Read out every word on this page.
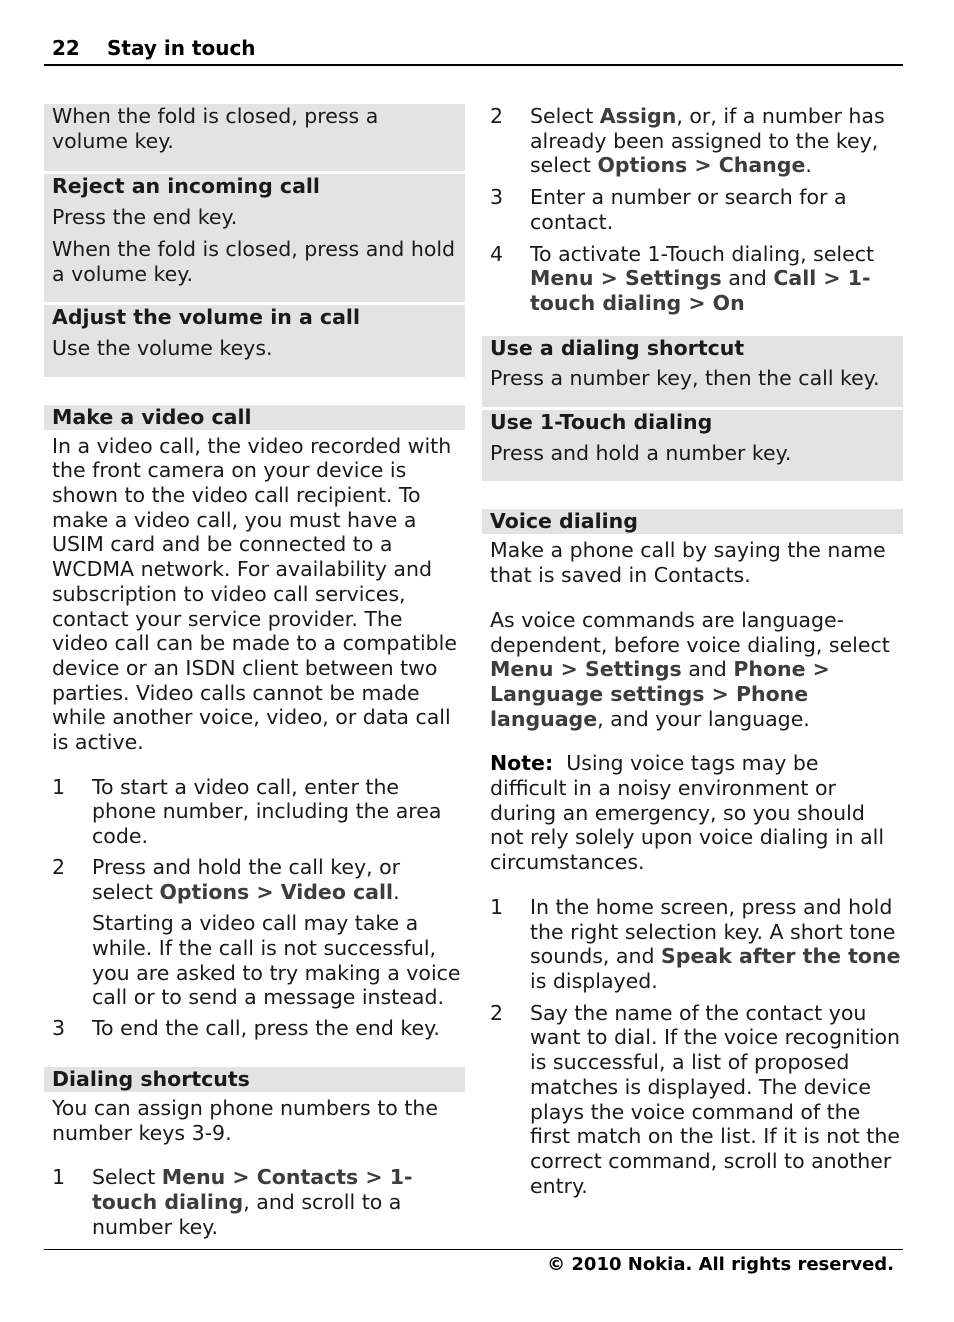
22 Stay in touch

When the fold is closed, press a volume key.

Reject an incoming call

Press the end key.

When the fold is closed, press and hold a volume key.

Adjust the volume in a call

Use the volume keys.

Make a video call

In a video call, the video recorded with the front camera on your device is shown to the video call recipient. To make a video call, you must have a USIM card and be connected to a WCDMA network. For availability and subscription to video call services, contact your service provider. The video call can be made to a compatible device or an ISDN client between two parties. Video calls cannot be made while another voice, video, or data call is active.

1 To start a video call, enter the phone number, including the area code.
2 Press and hold the call key, or select Options > Video call.

Starting a video call may take a while. If the call is not successful, you are asked to try making a voice call or to send a message instead.

3 To end the call, press the end key.
Dialing shortcuts

You can assign phone numbers to the number keys 3-9.

1 Select Menu > Contacts > 1-touch dialing, and scroll to a number key.
2 Select Assign, or, if a number has already been assigned to the key, select Options > Change.
3 Enter a number or search for a contact.
4 To activate 1-Touch dialing, select Menu > Settings and Call > 1-touch dialing > On
Use a dialing shortcut

Press a number key, then the call key.

Use 1-Touch dialing

Press and hold a number key.

Voice dialing

Make a phone call by saying the name that is saved in Contacts.

As voice commands are language-dependent, before voice dialing, select Menu > Settings and Phone > Language settings > Phone language, and your language.

Note:  Using voice tags may be difficult in a noisy environment or during an emergency, so you should not rely solely upon voice dialing in all circumstances.

1 In the home screen, press and hold the right selection key. A short tone sounds, and Speak after the tone is displayed.
2 Say the name of the contact you want to dial. If the voice recognition is successful, a list of proposed matches is displayed. The device plays the voice command of the first match on the list. If it is not the correct command, scroll to another entry.
© 2010 Nokia. All rights reserved.
